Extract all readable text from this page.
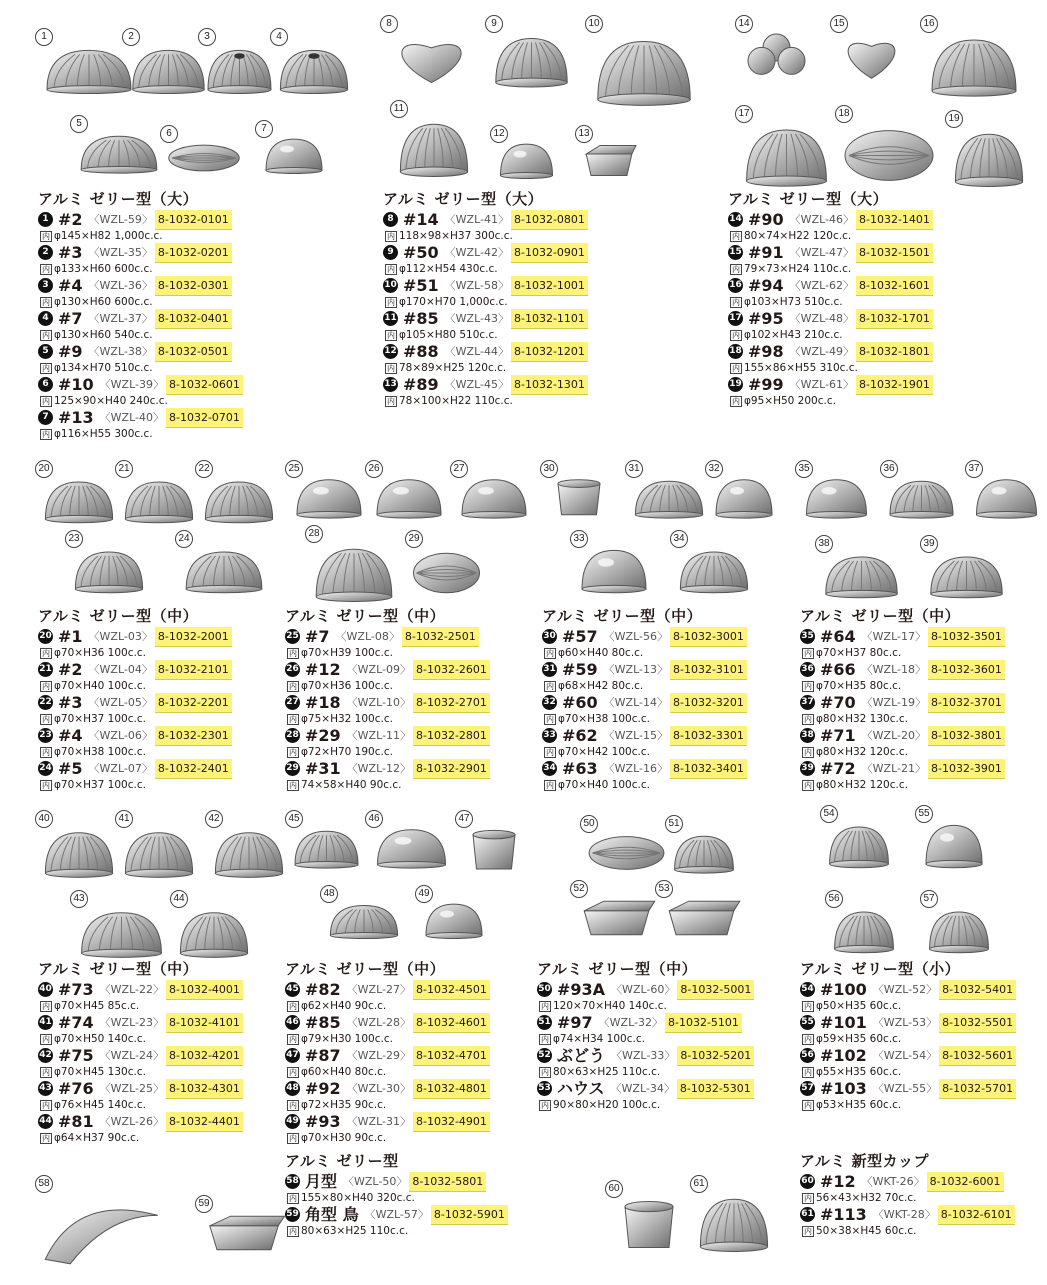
1	2	3	4
5
6	7
8	9	10
11
12	13
14	15	16
17	18	19
20	21	22
23	24
25	26	27
28	29
30	31	32
33	34
35	36	37
38	39
40	41	42
43	44
45	46	47
48	49
50	51
52	53
54	55
56	57
58
59
60	61
アルミ ゼリー型（大）
1 #2 〈WZL-59〉 8-1032-0101
内 φ145×H82 1,000c.c.
2 #3 〈WZL-35〉 8-1032-0201
内 φ133×H60 600c.c.
3 #4 〈WZL-36〉 8-1032-0301
内 φ130×H60 600c.c.
4 #7 〈WZL-37〉 8-1032-0401
内 φ130×H60 540c.c.
5 #9 〈WZL-38〉 8-1032-0501
内 φ134×H70 510c.c.
6 #10 〈WZL-39〉 8-1032-0601
内 125×90×H40 240c.c.
7 #13 〈WZL-40〉 8-1032-0701
内 φ116×H55 300c.c.
アルミ ゼリー型（大）
8 #14 〈WZL-41〉 8-1032-0801
内 118×98×H37 300c.c.
9 #50 〈WZL-42〉 8-1032-0901
内 φ112×H54 430c.c.
10 #51 〈WZL-58〉 8-1032-1001
内 φ170×H70 1,000c.c.
11 #85 〈WZL-43〉 8-1032-1101
内 φ105×H80 510c.c.
12 #88 〈WZL-44〉 8-1032-1201
内 78×89×H25 120c.c.
13 #89 〈WZL-45〉 8-1032-1301
内 78×100×H22 110c.c.
アルミ ゼリー型（大）
14 #90 〈WZL-46〉 8-1032-1401
内 80×74×H22 120c.c.
15 #91 〈WZL-47〉 8-1032-1501
内 79×73×H24 110c.c.
16 #94 〈WZL-62〉 8-1032-1601
内 φ103×H73 510c.c.
17 #95 〈WZL-48〉 8-1032-1701
内 φ102×H43 210c.c.
18 #98 〈WZL-49〉 8-1032-1801
内 155×86×H55 310c.c.
19 #99 〈WZL-61〉 8-1032-1901
内 φ95×H50 200c.c.
アルミ ゼリー型（中）
20 #1 〈WZL-03〉 8-1032-2001
内 φ70×H36 100c.c.
21 #2 〈WZL-04〉 8-1032-2101
内 φ70×H40 100c.c.
22 #3 〈WZL-05〉 8-1032-2201
内 φ70×H37 100c.c.
23 #4 〈WZL-06〉 8-1032-2301
内 φ70×H38 100c.c.
24 #5 〈WZL-07〉 8-1032-2401
内 φ70×H37 100c.c.
アルミ ゼリー型（中）
25 #7 〈WZL-08〉 8-1032-2501
内 φ70×H39 100c.c.
26 #12 〈WZL-09〉 8-1032-2601
内 φ70×H36 100c.c.
27 #18 〈WZL-10〉 8-1032-2701
内 φ75×H32 100c.c.
28 #29 〈WZL-11〉 8-1032-2801
内 φ72×H70 190c.c.
29 #31 〈WZL-12〉 8-1032-2901
内 74×58×H40 90c.c.
アルミ ゼリー型（中）
30 #57 〈WZL-56〉 8-1032-3001
内 φ60×H40 80c.c.
31 #59 〈WZL-13〉 8-1032-3101
内 φ68×H42 80c.c.
32 #60 〈WZL-14〉 8-1032-3201
内 φ70×H38 100c.c.
33 #62 〈WZL-15〉 8-1032-3301
内 φ70×H42 100c.c.
34 #63 〈WZL-16〉 8-1032-3401
内 φ70×H40 100c.c.
アルミ ゼリー型（中）
35 #64 〈WZL-17〉 8-1032-3501
内 φ70×H37 80c.c.
36 #66 〈WZL-18〉 8-1032-3601
内 φ70×H35 80c.c.
37 #70 〈WZL-19〉 8-1032-3701
内 φ80×H32 130c.c.
38 #71 〈WZL-20〉 8-1032-3801
内 φ80×H32 120c.c.
39 #72 〈WZL-21〉 8-1032-3901
内 φ80×H32 120c.c.
アルミ ゼリー型（中）
40 #73 〈WZL-22〉 8-1032-4001
内 φ70×H45 85c.c.
41 #74 〈WZL-23〉 8-1032-4101
内 φ70×H50 140c.c.
42 #75 〈WZL-24〉 8-1032-4201
内 φ70×H45 130c.c.
43 #76 〈WZL-25〉 8-1032-4301
内 φ76×H45 140c.c.
44 #81 〈WZL-26〉 8-1032-4401
内 φ64×H37 90c.c.
アルミ ゼリー型（中）
45 #82 〈WZL-27〉 8-1032-4501
内 φ62×H40 90c.c.
46 #85 〈WZL-28〉 8-1032-4601
内 φ79×H30 100c.c.
47 #87 〈WZL-29〉 8-1032-4701
内 φ60×H40 80c.c.
48 #92 〈WZL-30〉 8-1032-4801
内 φ72×H35 90c.c.
49 #93 〈WZL-31〉 8-1032-4901
内 φ70×H30 90c.c.
アルミ ゼリー型（中）
50 #93A 〈WZL-60〉 8-1032-5001
内 120×70×H40 140c.c.
51 #97 〈WZL-32〉 8-1032-5101
内 φ74×H34 100c.c.
52 ぶどう 〈WZL-33〉 8-1032-5201
内 80×63×H25 110c.c.
53 ハウス 〈WZL-34〉 8-1032-5301
内 90×80×H20 100c.c.
アルミ ゼリー型（小）
54 #100 〈WZL-52〉 8-1032-5401
内 φ50×H35 60c.c.
55 #101 〈WZL-53〉 8-1032-5501
内 φ59×H35 60c.c.
56 #102 〈WZL-54〉 8-1032-5601
内 φ55×H35 60c.c.
57 #103 〈WZL-55〉 8-1032-5701
内 φ53×H35 60c.c.
アルミ ゼリー型
58 月型 〈WZL-50〉 8-1032-5801
内 155×80×H40 320c.c.
59 角型 鳥 〈WZL-57〉 8-1032-5901
内 80×63×H25 110c.c.
アルミ 新型カップ
60 #12 〈WKT-26〉 8-1032-6001
内 56×43×H32 70c.c.
61 #113 〈WKT-28〉 8-1032-6101
内 50×38×H45 60c.c.
